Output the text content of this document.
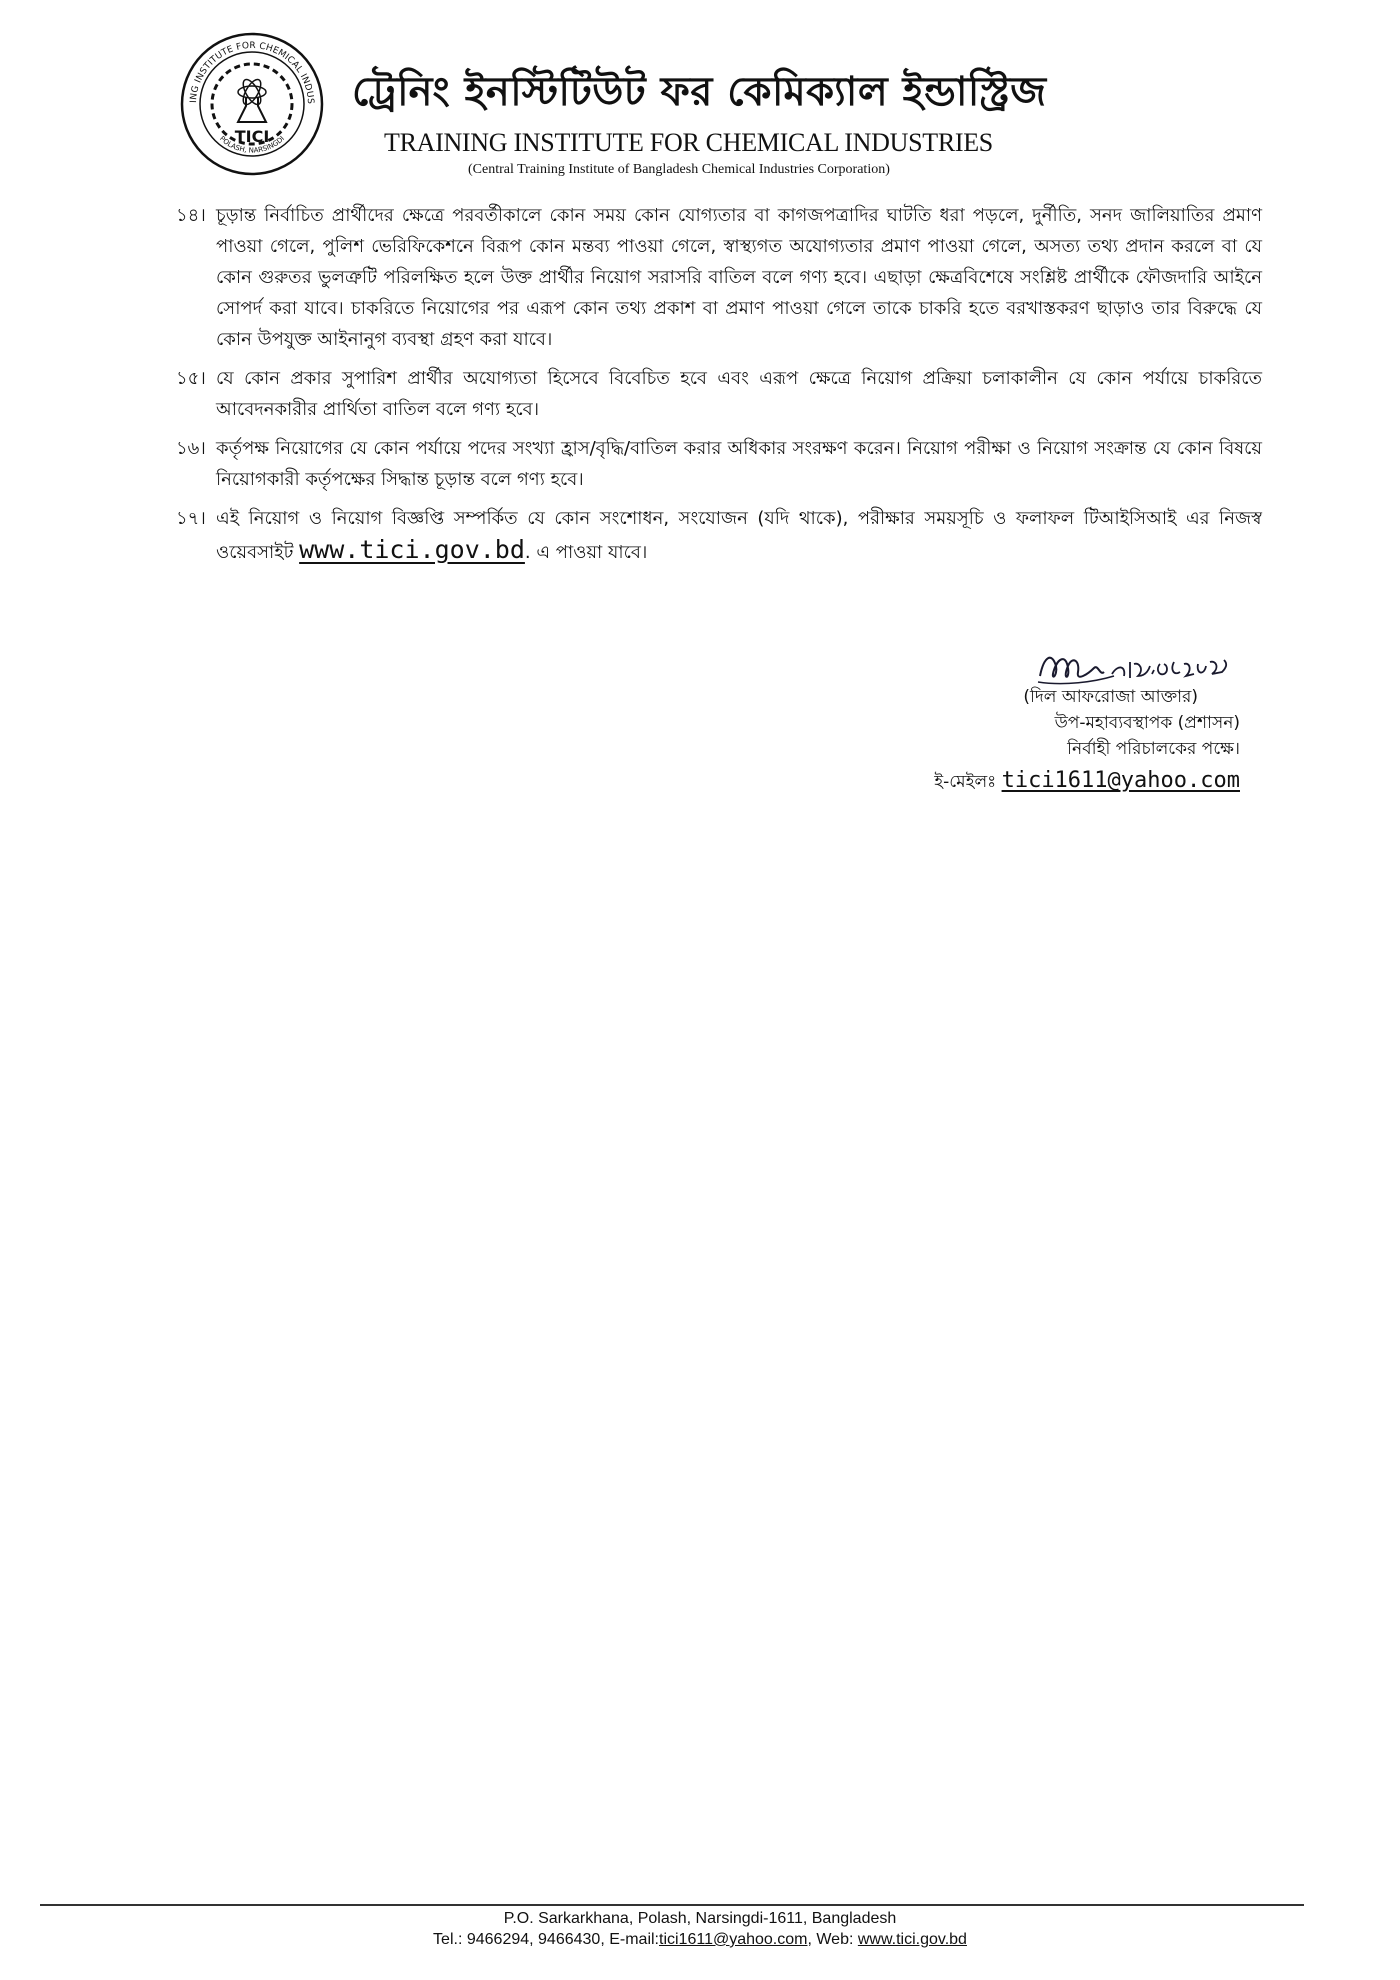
ING INSTITUTE FOR CHEMICAL INDUS
POLASH, NARSINGDI
TICI
ট্রেনিং ইনস্টিটিউট ফর কেমিক্যাল ইন্ডাস্ট্রিজ
TRAINING INSTITUTE FOR CHEMICAL INDUSTRIES
(Central Training Institute of Bangladesh Chemical Industries Corporation)
১৪। চূড়ান্ত নির্বাচিত প্রার্থীদের ক্ষেত্রে পরবর্তীকালে কোন সময় কোন যোগ্যতার বা কাগজপত্রাদির ঘাটতি ধরা পড়লে, দুর্নীতি, সনদ জালিয়াতির প্রমাণ পাওয়া গেলে, পুলিশ ভেরিফিকেশনে বিরূপ কোন মন্তব্য পাওয়া গেলে, স্বাস্থ্যগত অযোগ্যতার প্রমাণ পাওয়া গেলে, অসত্য তথ্য প্রদান করলে বা যে কোন গুরুতর ভুলত্রুটি পরিলক্ষিত হলে উক্ত প্রার্থীর নিয়োগ সরাসরি বাতিল বলে গণ্য হবে। এছাড়া ক্ষেত্রবিশেষে সংশ্লিষ্ট প্রার্থীকে ফৌজদারি আইনে সোপর্দ করা যাবে। চাকরিতে নিয়োগের পর এরূপ কোন তথ্য প্রকাশ বা প্রমাণ পাওয়া গেলে তাকে চাকরি হতে বরখাস্তকরণ ছাড়াও তার বিরুদ্ধে যে কোন উপযুক্ত আইনানুগ ব্যবস্থা গ্রহণ করা যাবে।
১৫। যে কোন প্রকার সুপারিশ প্রার্থীর অযোগ্যতা হিসেবে বিবেচিত হবে এবং এরূপ ক্ষেত্রে নিয়োগ প্রক্রিয়া চলাকালীন যে কোন পর্যায়ে চাকরিতে আবেদনকারীর প্রার্থিতা বাতিল বলে গণ্য হবে।
১৬। কর্তৃপক্ষ নিয়োগের যে কোন পর্যায়ে পদের সংখ্যা হ্রাস/বৃদ্ধি/বাতিল করার অধিকার সংরক্ষণ করেন। নিয়োগ পরীক্ষা ও নিয়োগ সংক্রান্ত যে কোন বিষয়ে নিয়োগকারী কর্তৃপক্ষের সিদ্ধান্ত চূড়ান্ত বলে গণ্য হবে।
১৭। এই নিয়োগ ও নিয়োগ বিজ্ঞপ্তি সম্পর্কিত যে কোন সংশোধন, সংযোজন (যদি থাকে), পরীক্ষার সময়সূচি ও ফলাফল টিআইসিআই এর নিজস্ব ওয়েবসাইট www.tici.gov.bd. এ পাওয়া যাবে।
(দিল আফরোজা আক্তার)
উপ-মহাব্যবস্থাপক (প্রশাসন)
নির্বাহী পরিচালকের পক্ষে।
ই-মেইলঃ tici1611@yahoo.com
P.O. Sarkarkhana, Polash, Narsingdi-1611, Bangladesh
Tel.: 9466294, 9466430, E-mail:tici1611@yahoo.com, Web: www.tici.gov.bd
